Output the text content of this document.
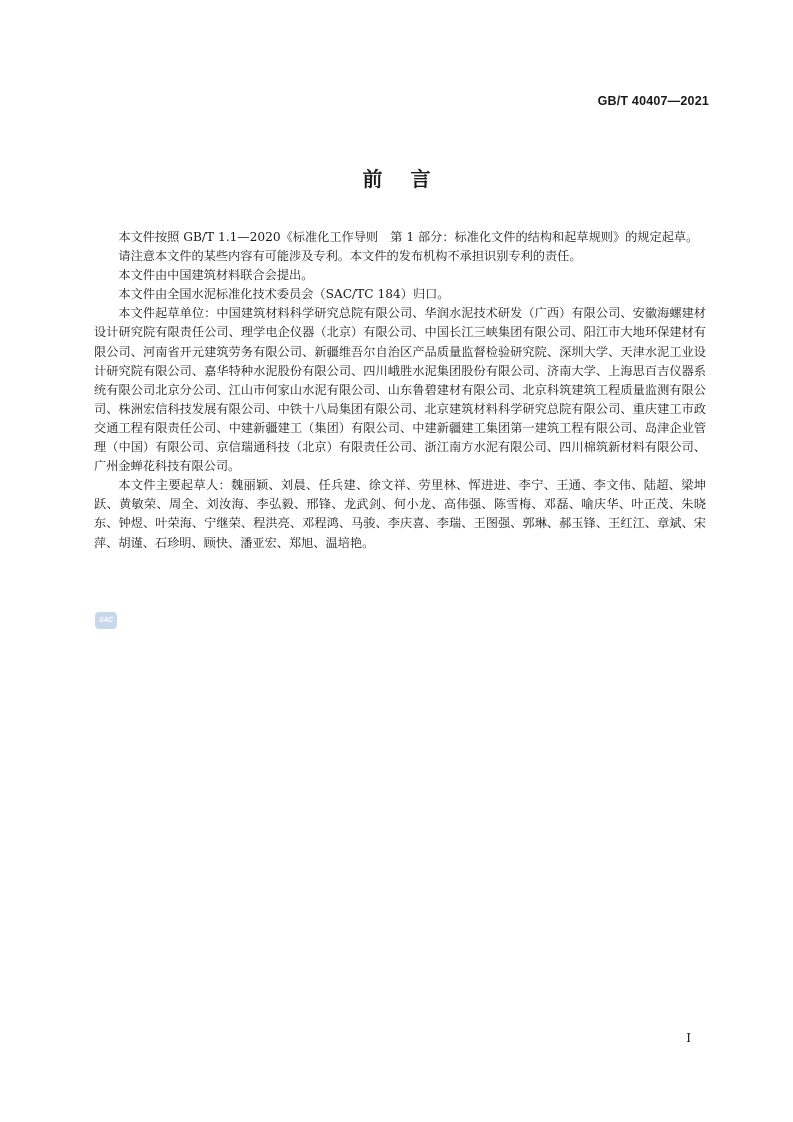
GB/T 40407—2021
前言

本文件按照 GB/T 1.1—2020《标准化工作导则　第 1 部分：标准化文件的结构和起草规则》的规定起草。

请注意本文件的某些内容有可能涉及专利。本文件的发布机构不承担识别专利的责任。

本文件由中国建筑材料联合会提出。

本文件由全国水泥标准化技术委员会（SAC/TC 184）归口。

本文件起草单位：中国建筑材料科学研究总院有限公司、华润水泥技术研发（广西）有限公司、安徽海螺建材设计研究院有限责任公司、理学电企仪器（北京）有限公司、中国长江三峡集团有限公司、阳江市大地环保建材有限公司、河南省开元建筑劳务有限公司、新疆维吾尔自治区产品质量监督检验研究院、深圳大学、天津水泥工业设计研究院有限公司、嘉华特种水泥股份有限公司、四川峨胜水泥集团股份有限公司、济南大学、上海思百吉仪器系统有限公司北京分公司、江山市何家山水泥有限公司、山东鲁碧建材有限公司、北京科筑建筑工程质量监测有限公司、株洲宏信科技发展有限公司、中铁十八局集团有限公司、北京建筑材料科学研究总院有限公司、重庆建工市政交通工程有限责任公司、中建新疆建工（集团）有限公司、中建新疆建工集团第一建筑工程有限公司、岛津企业管理（中国）有限公司、京信瑞通科技（北京）有限责任公司、浙江南方水泥有限公司、四川棉筑新材料有限公司、广州金蝉花科技有限公司。

本文件主要起草人：魏丽颖、刘晨、任兵建、徐文祥、劳里林、恽进进、李宁、王通、李文伟、陆超、梁坤跃、黄敏荣、周全、刘汝海、李弘毅、邢锋、龙武剑、何小龙、高伟强、陈雪梅、邓磊、喻庆华、叶正茂、朱晓东、钟煜、叶荣海、宁继荣、程洪亮、邓程鸿、马骏、李庆喜、李瑞、王图强、郭琳、郝玉锋、王红江、章斌、宋萍、胡谨、石珍明、顾快、潘亚宏、郑旭、温培艳。

SAC
I
